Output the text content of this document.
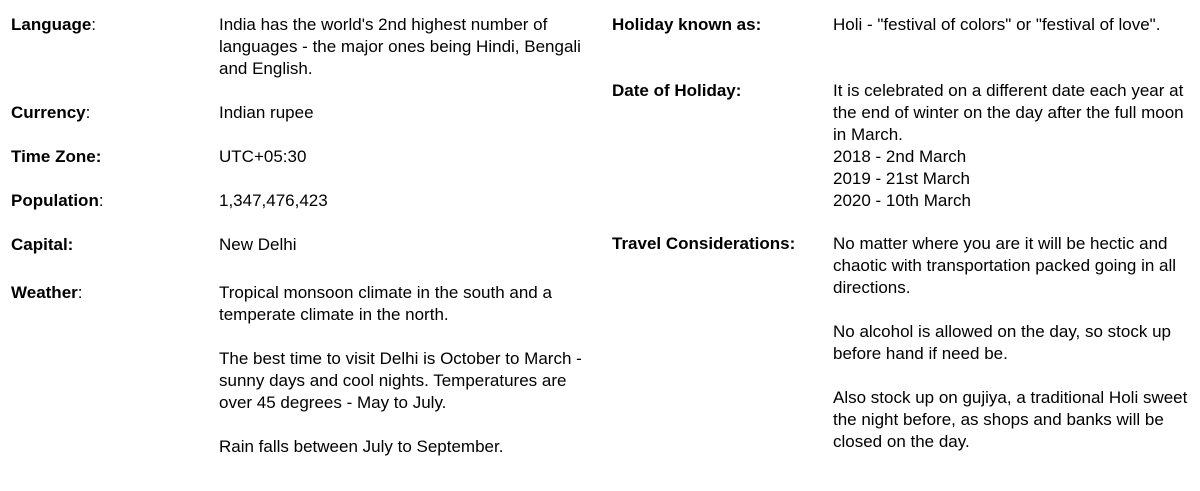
Language:	India has the world's 2nd highest number of languages - the major ones being Hindi, Bengali and English.
Currency:	Indian rupee
Time Zone:	UTC+05:30
Population:	1,347,476,423
Capital:	New Delhi
Weather:	Tropical monsoon climate in the south and a temperate climate in the north.

The best time to visit Delhi is October to March - sunny days and cool nights. Temperatures are over 45 degrees - May to July.

Rain falls between July to September.

Holiday known as:	Holi - "festival of colors" or "festival of love".
Date of Holiday:	It is celebrated on a different date each year at the end of winter on the day after the full moon in March.
2018 - 2nd March
2019 - 21st March
2020 - 10th March
Travel Considerations: No matter where you are it will be hectic and chaotic with transportation packed going in all directions.

No alcohol is allowed on the day, so stock up before hand if need be.

Also stock up on gujiya, a traditional Holi sweet the night before, as shops and banks will be closed on the day.
